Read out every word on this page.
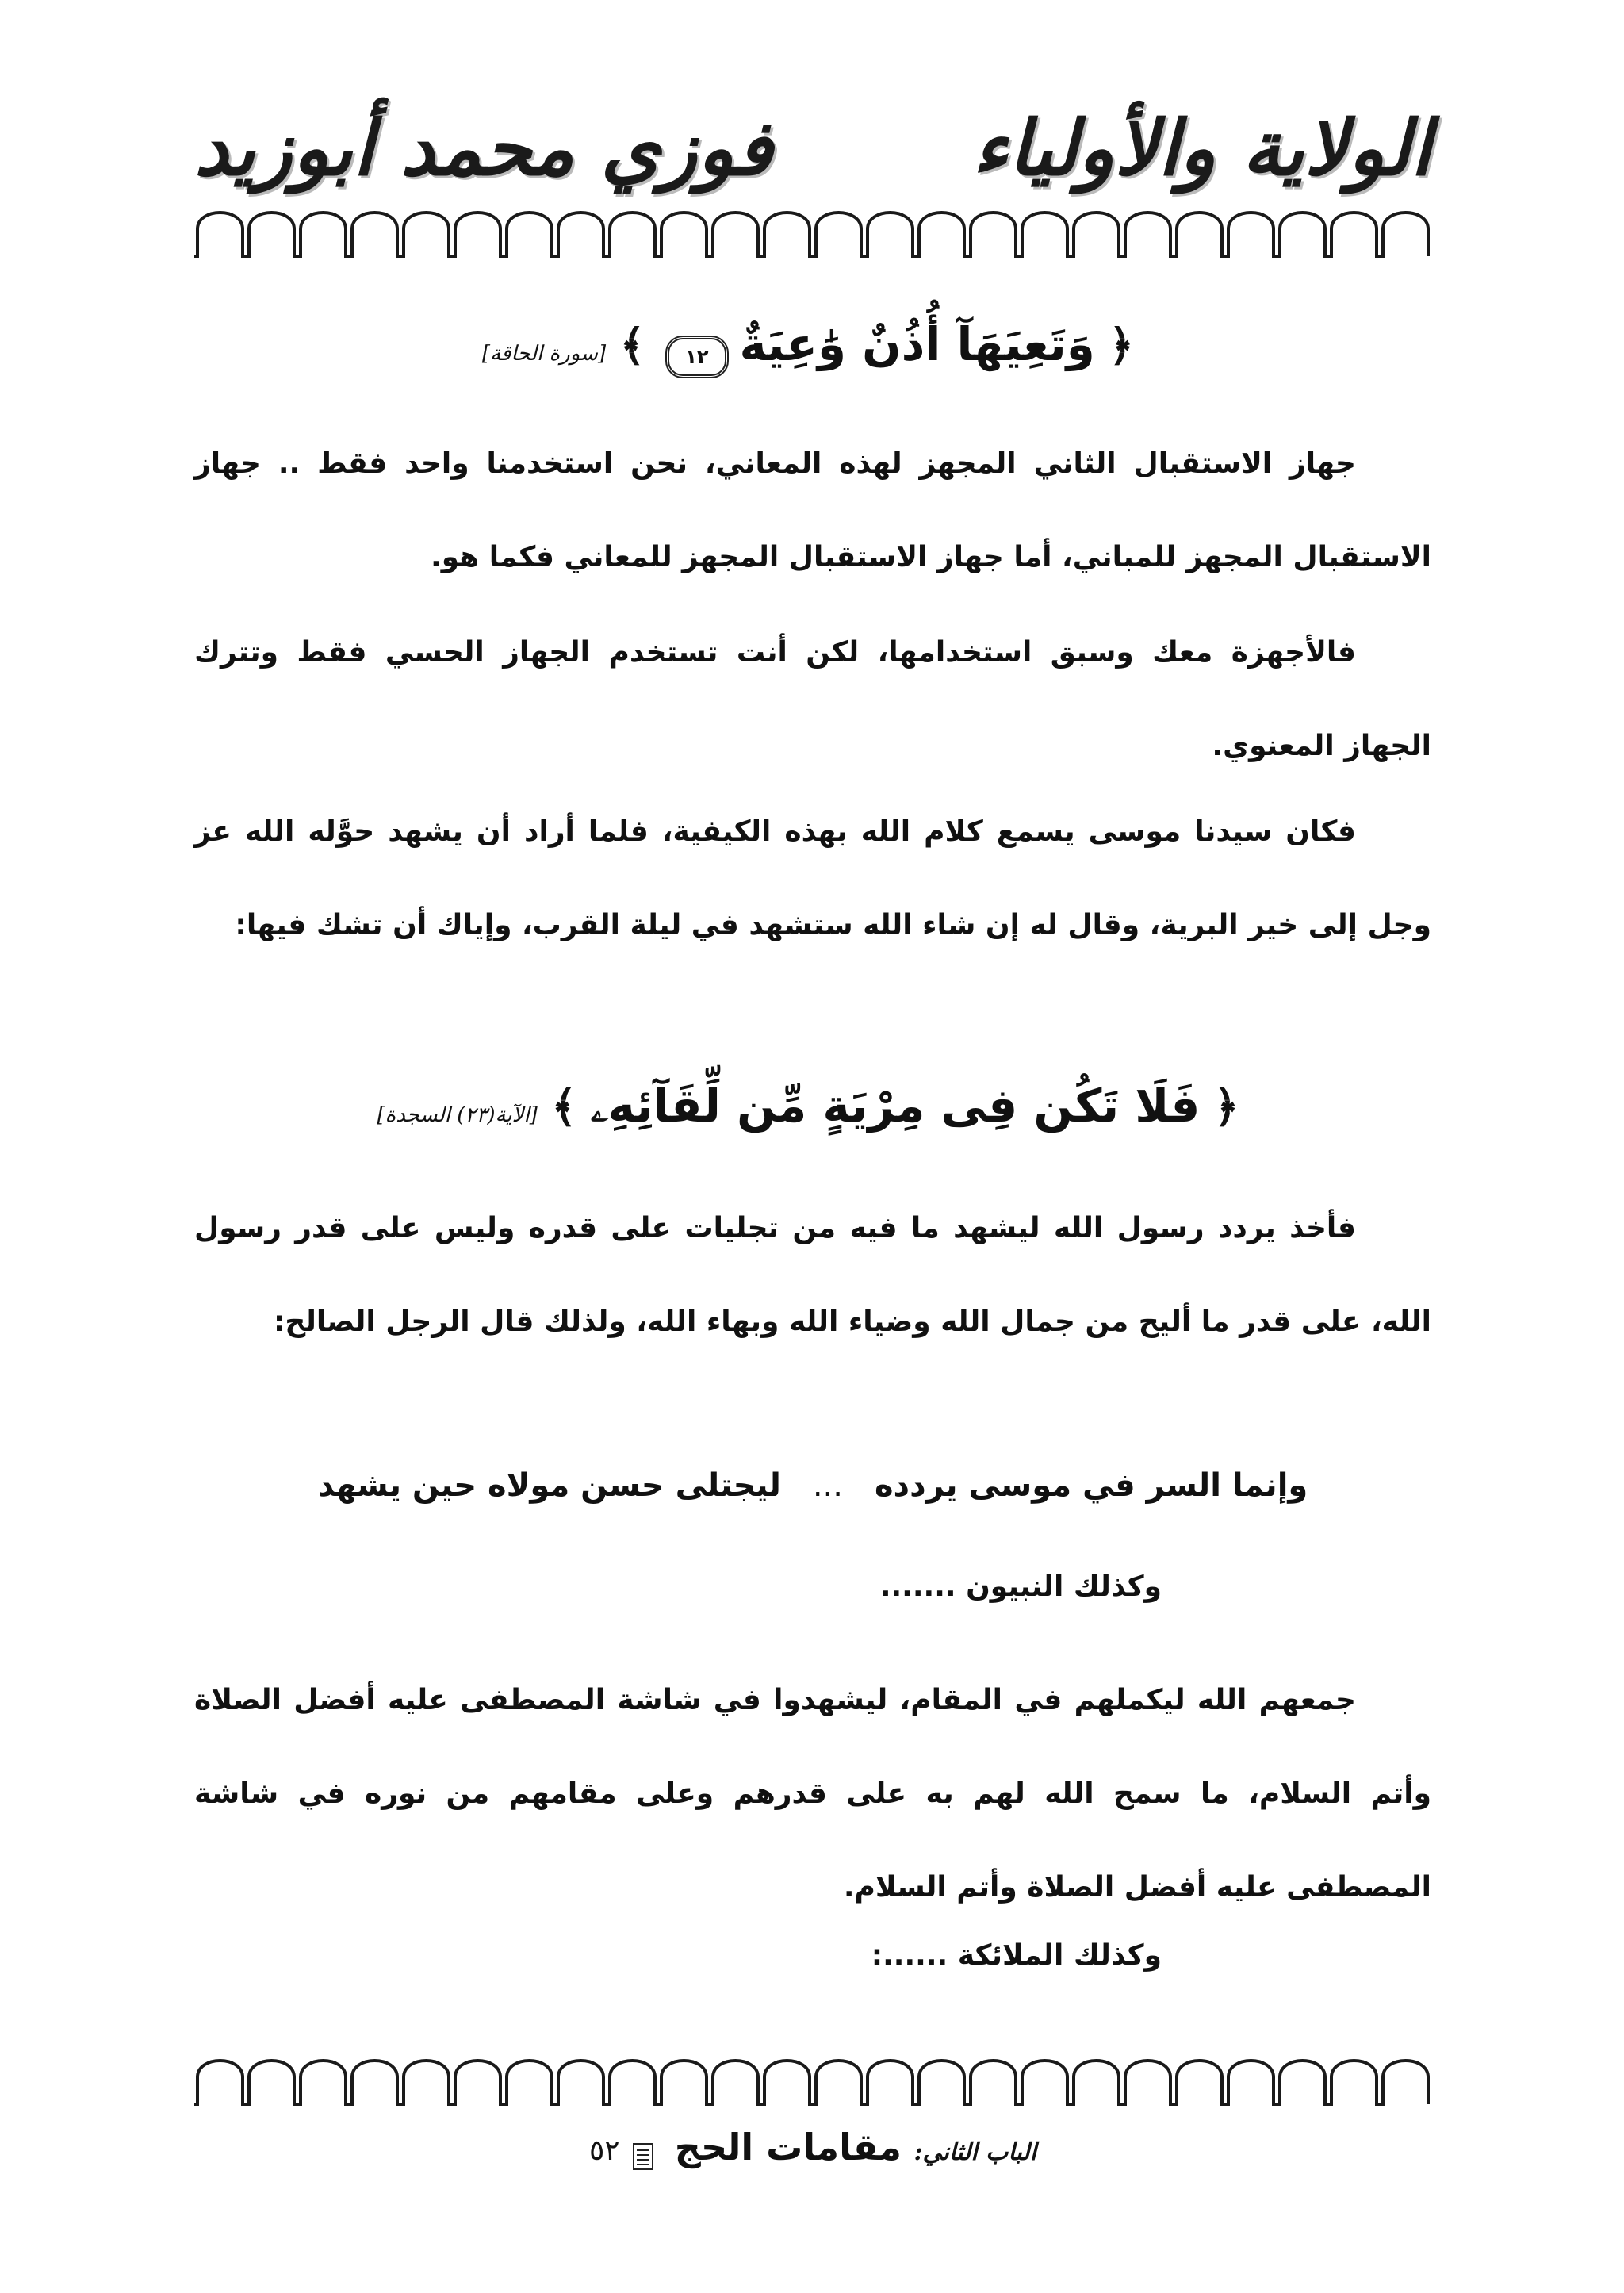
الولاية والأولياء
فوزي محمد أبوزيد
﴿ وَتَعِيَهَآ أُذُنٌ وَٰعِيَةٌ ١٢ ﴾ [سورة الحاقة]
جهاز الاستقبال الثاني المجهز لهذه المعاني، نحن استخدمنا واحد فقط .. جهاز الاستقبال المجهز للمباني، أما جهاز الاستقبال المجهز للمعاني فكما هو.
فالأجهزة معك وسبق استخدامها، لكن أنت تستخدم الجهاز الحسي فقط وتترك الجهاز المعنوي.
فكان سيدنا موسى يسمع كلام الله بهذه الكيفية، فلما أراد أن يشهد حوَّله الله عز وجل إلى خير البرية، وقال له إن شاء الله ستشهد في ليلة القرب، وإياك أن تشك فيها:
﴿ فَلَا تَكُن فِى مِرْيَةٍ مِّن لِّقَآئِهِۦ ﴾ [الآية(٢٣) السجدة]
فأخذ يردد رسول الله ليشهد ما فيه من تجليات على قدره وليس على قدر رسول الله، على قدر ما أليح من جمال الله وضياء الله وبهاء الله، ولذلك قال الرجل الصالح:
وإنما السر في موسى يردده ... ليجتلى حسن مولاه حين يشهد
وكذلك النبيون .......
جمعهم الله ليكملهم في المقام، ليشهدوا في شاشة المصطفى عليه أفضل الصلاة وأتم السلام، ما سمح الله لهم به على قدرهم وعلى مقامهم من نوره في شاشة المصطفى عليه أفضل الصلاة وأتم السلام.
وكذلك الملائكة ......:
الباب الثاني: مقامات الحج  ٥٢
